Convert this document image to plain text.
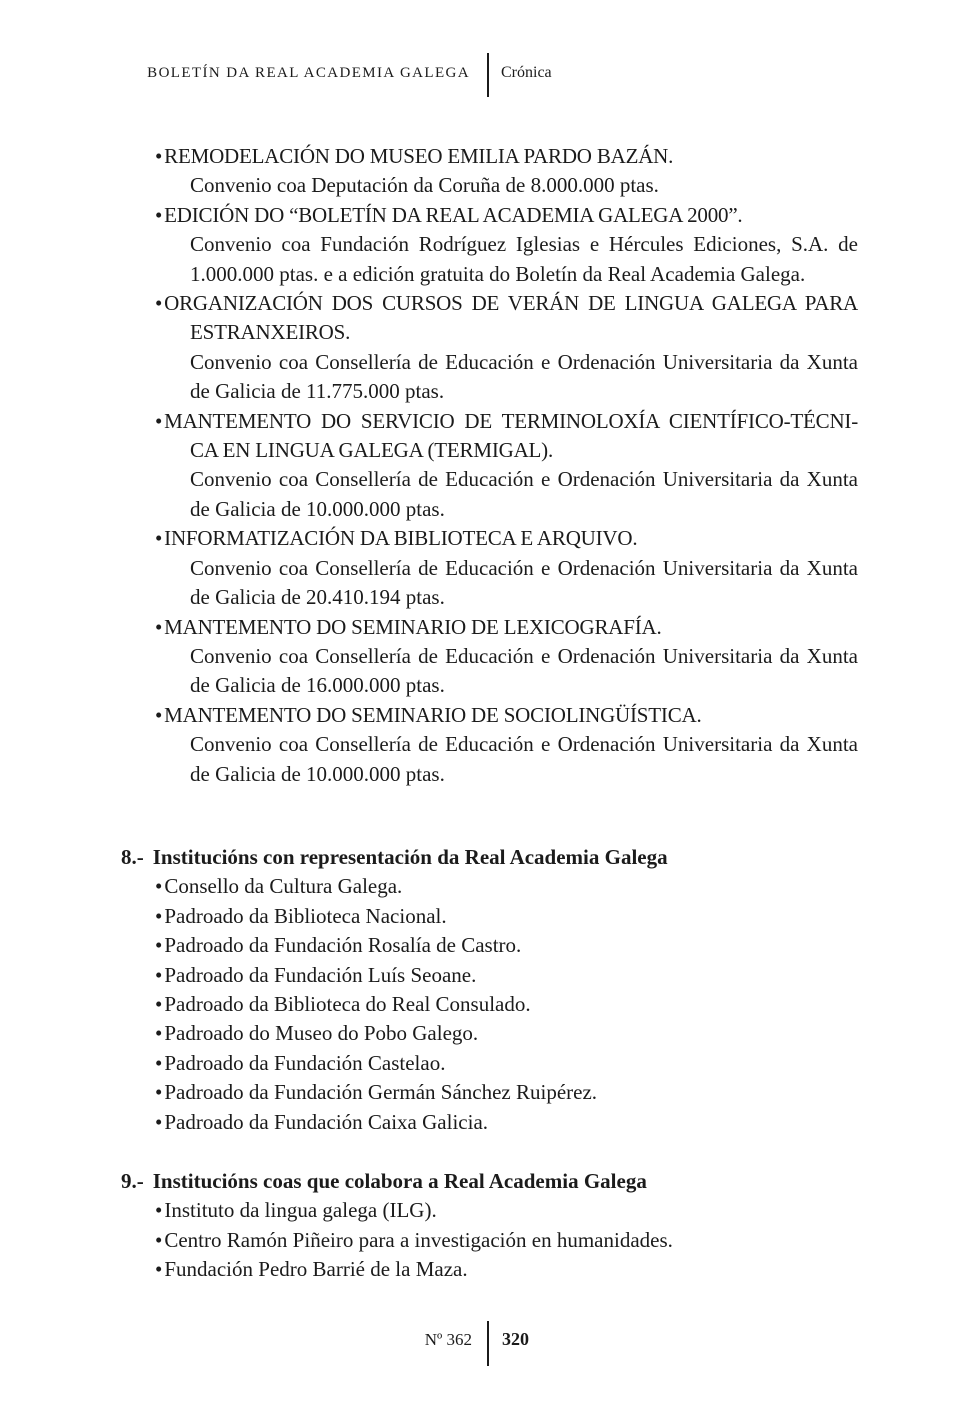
BOLETÍN DA REAL ACADEMIA GALEGA Crónica
•REMODELACIÓN DO MUSEO EMILIA PARDO BAZÁN.
Convenio coa Deputación da Coruña de 8.000.000 ptas.
•EDICIÓN DO “BOLETÍN DA REAL ACADEMIA GALEGA 2000”.
Convenio coa Fundación Rodríguez Iglesias e Hércules Ediciones, S.A. de
1.000.000 ptas. e a edición gratuita do Boletín da Real Academia Galega.
•ORGANIZACIÓN DOS CURSOS DE VERÁN DE LINGUA GALEGA PARA
ESTRANXEIROS.
Convenio coa Consellería de Educación e Ordenación Universitaria da Xunta
de Galicia de 11.775.000 ptas.
•MANTEMENTO DO SERVICIO DE TERMINOLOXÍA CIENTÍFICO-TÉCNI-
CA EN LINGUA GALEGA (TERMIGAL).
Convenio coa Consellería de Educación e Ordenación Universitaria da Xunta
de Galicia de 10.000.000 ptas.
•INFORMATIZACIÓN DA BIBLIOTECA E ARQUIVO.
Convenio coa Consellería de Educación e Ordenación Universitaria da Xunta
de Galicia de 20.410.194 ptas.
•MANTEMENTO DO SEMINARIO DE LEXICOGRAFÍA.
Convenio coa Consellería de Educación e Ordenación Universitaria da Xunta
de Galicia de 16.000.000 ptas.
•MANTEMENTO DO SEMINARIO DE SOCIOLINGÜÍSTICA.
Convenio coa Consellería de Educación e Ordenación Universitaria da Xunta
de Galicia de 10.000.000 ptas.
8.- Institucións con representación da Real Academia Galega
•Consello da Cultura Galega.
•Padroado da Biblioteca Nacional.
•Padroado da Fundación Rosalía de Castro.
•Padroado da Fundación Luís Seoane.
•Padroado da Biblioteca do Real Consulado.
•Padroado do Museo do Pobo Galego.
•Padroado da Fundación Castelao.
•Padroado da Fundación Germán Sánchez Ruipérez.
•Padroado da Fundación Caixa Galicia.
9.- Institucións coas que colabora a Real Academia Galega
•Instituto da lingua galega (ILG).
•Centro Ramón Piñeiro para a investigación en humanidades.
•Fundación Pedro Barrié de la Maza.
Nº 362 320
